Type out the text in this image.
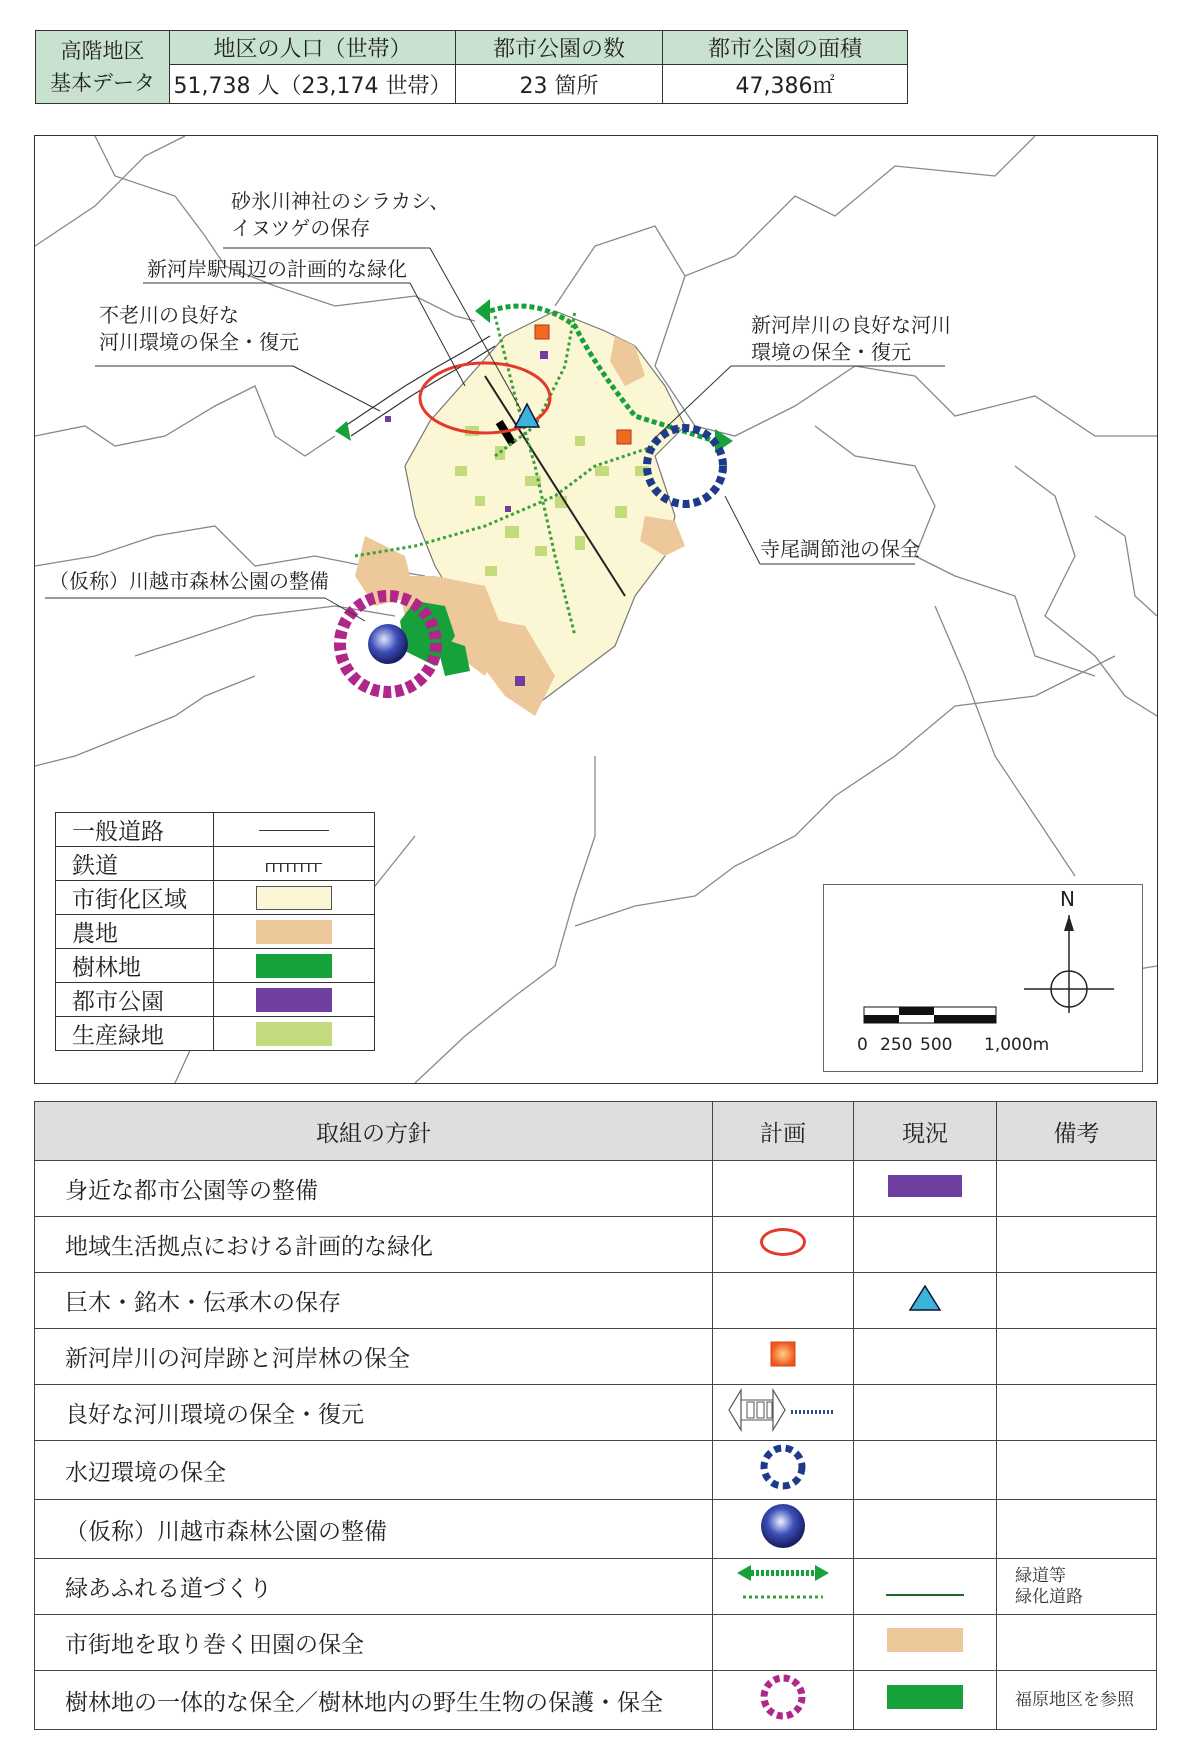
高階地区
基本データ	地区の人口（世帯）	都市公園の数	都市公園の面積
	51,738 人（23,174 世帯）	23 箇所	47,386㎡
砂氷川神社のシラカシ、
イヌツゲの保存
新河岸駅周辺の計画的な緑化
不老川の良好な
河川環境の保全・復元
新河岸川の良好な河川
環境の保全・復元
寺尾調節池の保全
（仮称）川越市森林公園の整備
一般道路	
鉄道	
市街化区域	
農地	
樹林地	
都市公園	
生産緑地	
N
0 250 500 1,000m
取組の方針	計画	現況	備考
身近な都市公園等の整備			
地域生活拠点における計画的な緑化			
巨木・銘木・伝承木の保存			
新河岸川の河岸跡と河岸林の保全			
良好な河川環境の保全・復元			
水辺環境の保全			
（仮称）川越市森林公園の整備			
緑あふれる道づくり			緑道等
緑化道路
市街地を取り巻く田園の保全			
樹林地の一体的な保全／樹林地内の野生生物の保護・保全			福原地区を参照
